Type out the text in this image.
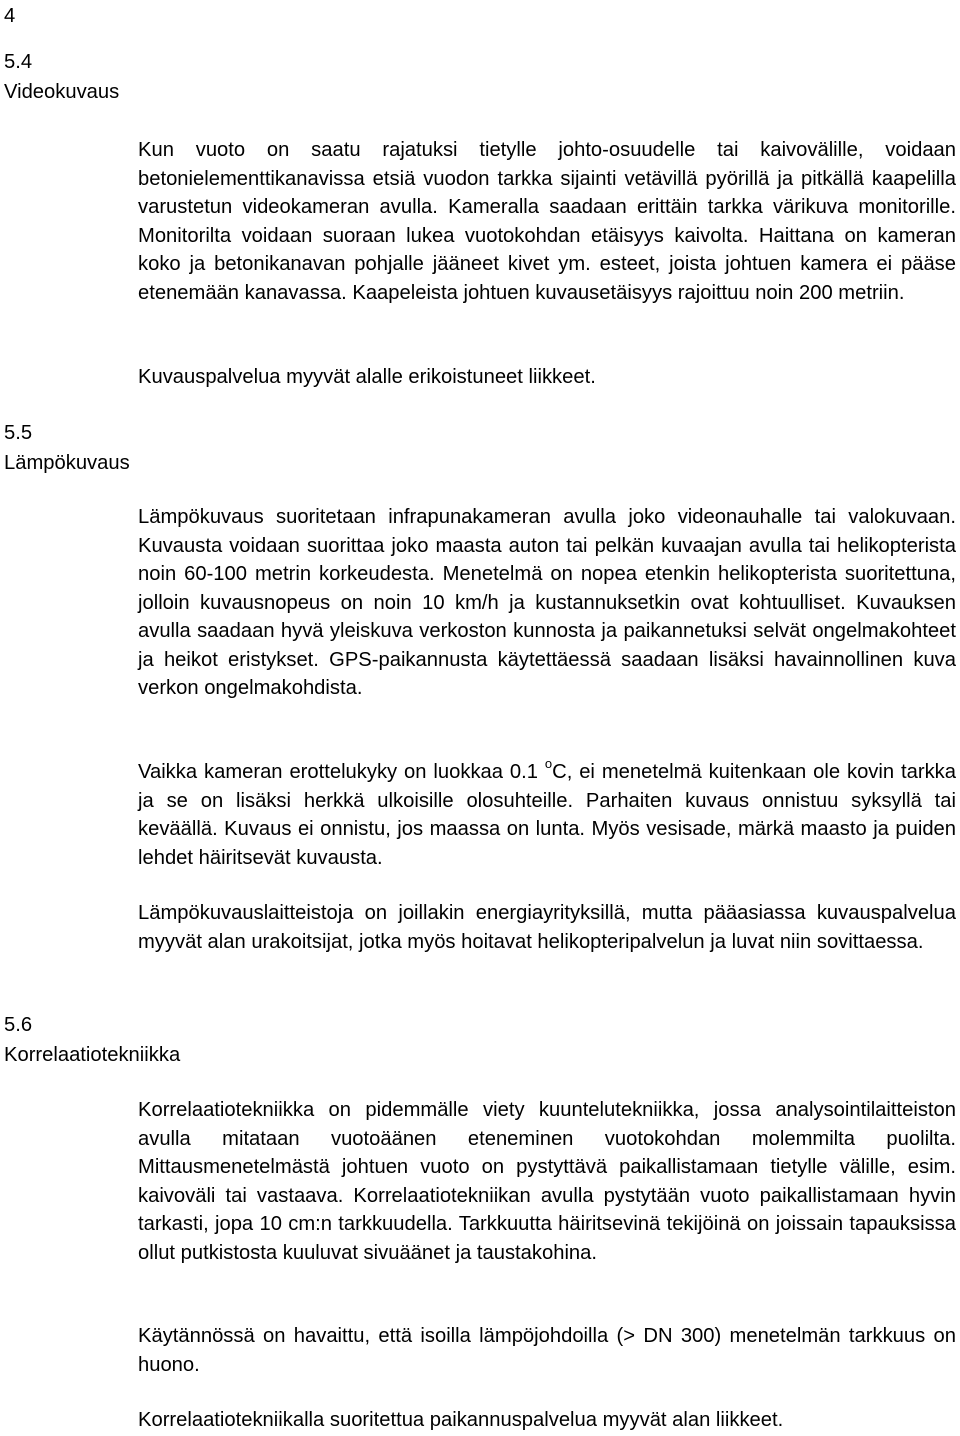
4
5.4
Videokuvaus

Kun vuoto on saatu rajatuksi tietylle johto-osuudelle tai kaivovälille, voidaan betonielementtikanavissa etsiä vuodon tarkka sijainti vetävillä pyörillä ja pitkällä kaapelilla varustetun videokameran avulla. Kameralla saadaan erittäin tarkka värikuva monitorille. Monitorilta voidaan suoraan lukea vuotokohdan etäisyys kaivolta. Haittana on kameran koko ja betonikanavan pohjalle jääneet kivet ym. esteet, joista johtuen kamera ei pääse etenemään kanavassa. Kaapeleista johtuen kuvausetäisyys rajoittuu noin 200 metriin.

Kuvauspalvelua myyvät alalle erikoistuneet liikkeet.

5.5
Lämpökuvaus

Lämpökuvaus suoritetaan infrapunakameran avulla joko videonauhalle tai valokuvaan. Kuvausta voidaan suorittaa joko maasta auton tai pelkän kuvaajan avulla tai helikopterista noin 60-100 metrin korkeudesta. Menetelmä on nopea etenkin helikopterista suoritettuna, jolloin kuvausnopeus on noin 10 km/h ja kustannuksetkin ovat kohtuulliset. Kuvauksen avulla saadaan hyvä yleiskuva verkoston kunnosta ja paikannetuksi selvät ongelmakohteet ja heikot eristykset. GPS-paikannusta käytettäessä saadaan lisäksi havainnollinen kuva verkon ongelmakohdista.

Vaikka kameran erottelukyky on luokkaa 0.1 $^o$C, ei menetelmä kuitenkaan ole kovin tarkka ja se on lisäksi herkkä ulkoisille olosuhteille. Parhaiten kuvaus onnistuu syksyllä tai keväällä. Kuvaus ei onnistu, jos maassa on lunta. Myös vesisade, märkä maasto ja puiden lehdet häiritsevät kuvausta.

Lämpökuvauslaitteistoja on joillakin energiayrityksillä, mutta pääasiassa kuvauspalvelua myyvät alan urakoitsijat, jotka myös hoitavat helikopteripalvelun ja luvat niin sovittaessa.

5.6
Korrelaatiotekniikka

Korrelaatiotekniikka on pidemmälle viety kuuntelutekniikka, jossa analysointilaitteiston avulla mitataan vuotoäänen eteneminen vuotokohdan molemmilta puolilta. Mittausmenetelmästä johtuen vuoto on pystyttävä paikallistamaan tietylle välille, esim. kaivoväli tai vastaava. Korrelaatiotekniikan avulla pystytään vuoto paikallistamaan hyvin tarkasti, jopa 10 cm:n tarkkuudella. Tarkkuutta häiritsevinä tekijöinä on joissain tapauksissa ollut putkistosta kuuluvat sivuäänet ja taustakohina.

Käytännössä on havaittu, että isoilla lämpöjohdoilla (> DN 300) menetelmän tarkkuus on huono.

Korrelaatiotekniikalla suoritettua paikannuspalvelua myyvät alan liikkeet.
